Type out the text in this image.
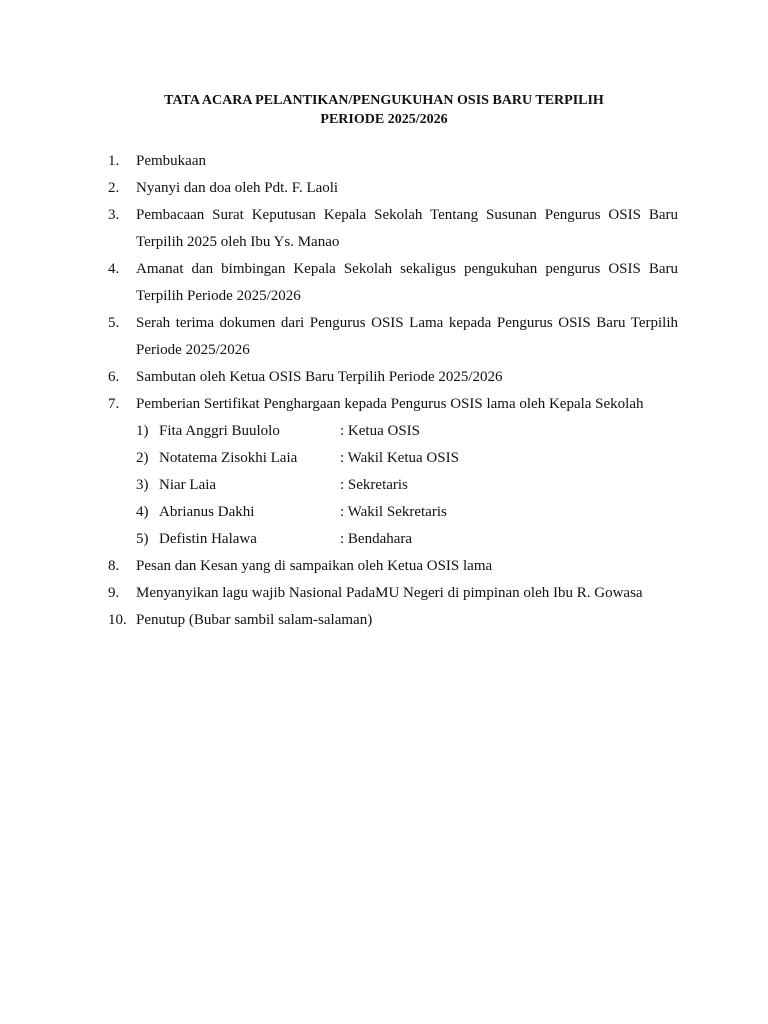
TATA ACARA PELANTIKAN/PENGUKUHAN OSIS BARU TERPILIH

PERIODE 2025/2026

1.	Pembukaan
2.	Nyanyi dan doa oleh Pdt. F. Laoli
3.	Pembacaan Surat Keputusan Kepala Sekolah Tentang Susunan Pengurus OSIS Baru Terpilih 2025 oleh Ibu Ys. Manao
4.	Amanat dan bimbingan Kepala Sekolah sekaligus pengukuhan pengurus OSIS Baru Terpilih Periode 2025/2026
5.	Serah terima dokumen dari Pengurus OSIS Lama kepada Pengurus OSIS Baru Terpilih Periode 2025/2026
6.	Sambutan oleh Ketua OSIS Baru Terpilih Periode 2025/2026
7.	Pemberian Sertifikat Penghargaan kepada Pengurus OSIS lama oleh Kepala Sekolah
1) Fita Anggri Buulolo	: Ketua OSIS
2) Notatema Zisokhi Laia	: Wakil Ketua OSIS
3) Niar Laia	: Sekretaris
4) Abrianus Dakhi	: Wakil Sekretaris
5) Defistin Halawa	: Bendahara
8.	Pesan dan Kesan yang di sampaikan oleh Ketua OSIS lama
9.	Menyanyikan lagu wajib Nasional PadaMU Negeri di pimpinan oleh Ibu R. Gowasa
10. Penutup (Bubar sambil salam-salaman)
